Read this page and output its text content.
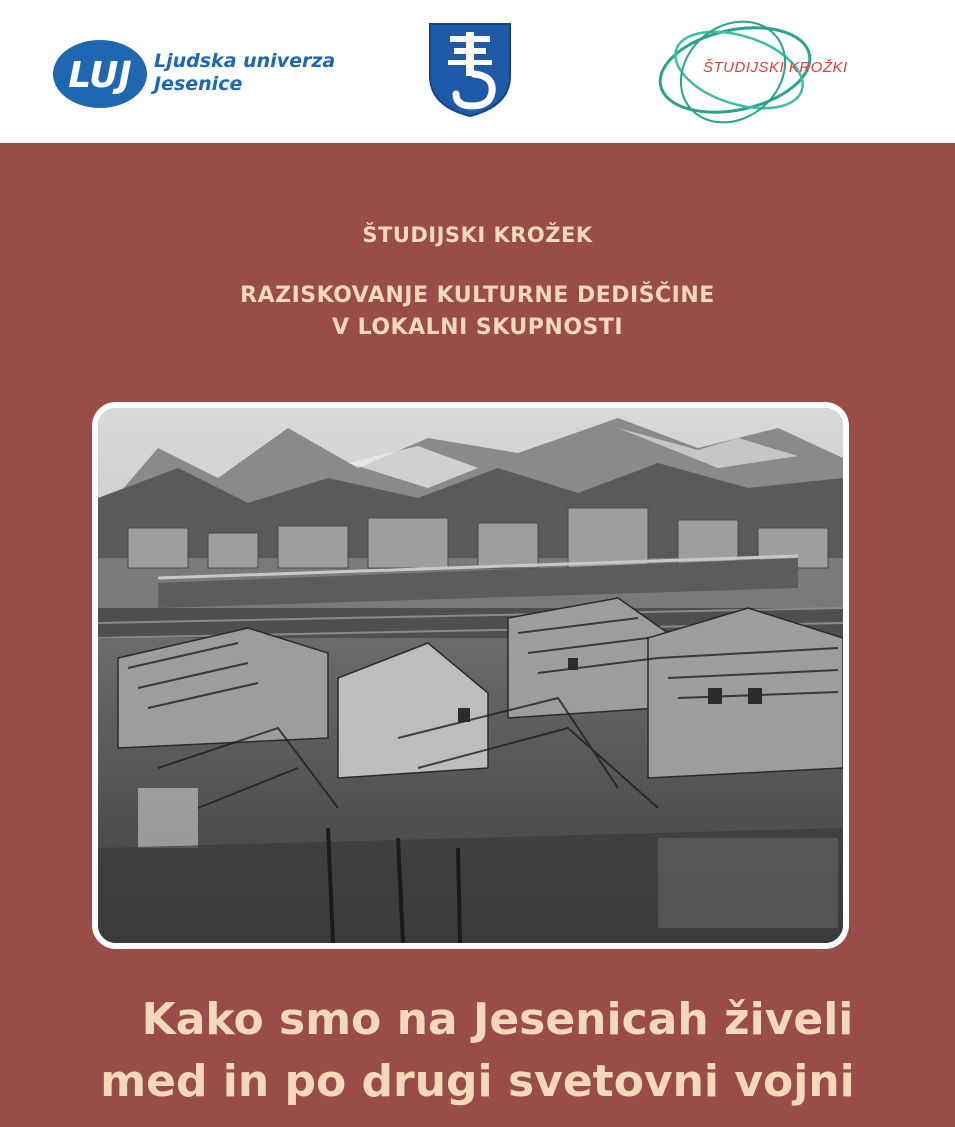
LUJ Ljudska univerza
Jesenice
ŠTUDIJSKI KROŽKI
ŠTUDIJSKI KROŽEK
RAZISKOVANJE KULTURNE DEDIŠČINE
V LOKALNI SKUPNOSTI
Kako smo na Jesenicah živeli
med in po drugi svetovni vojni
